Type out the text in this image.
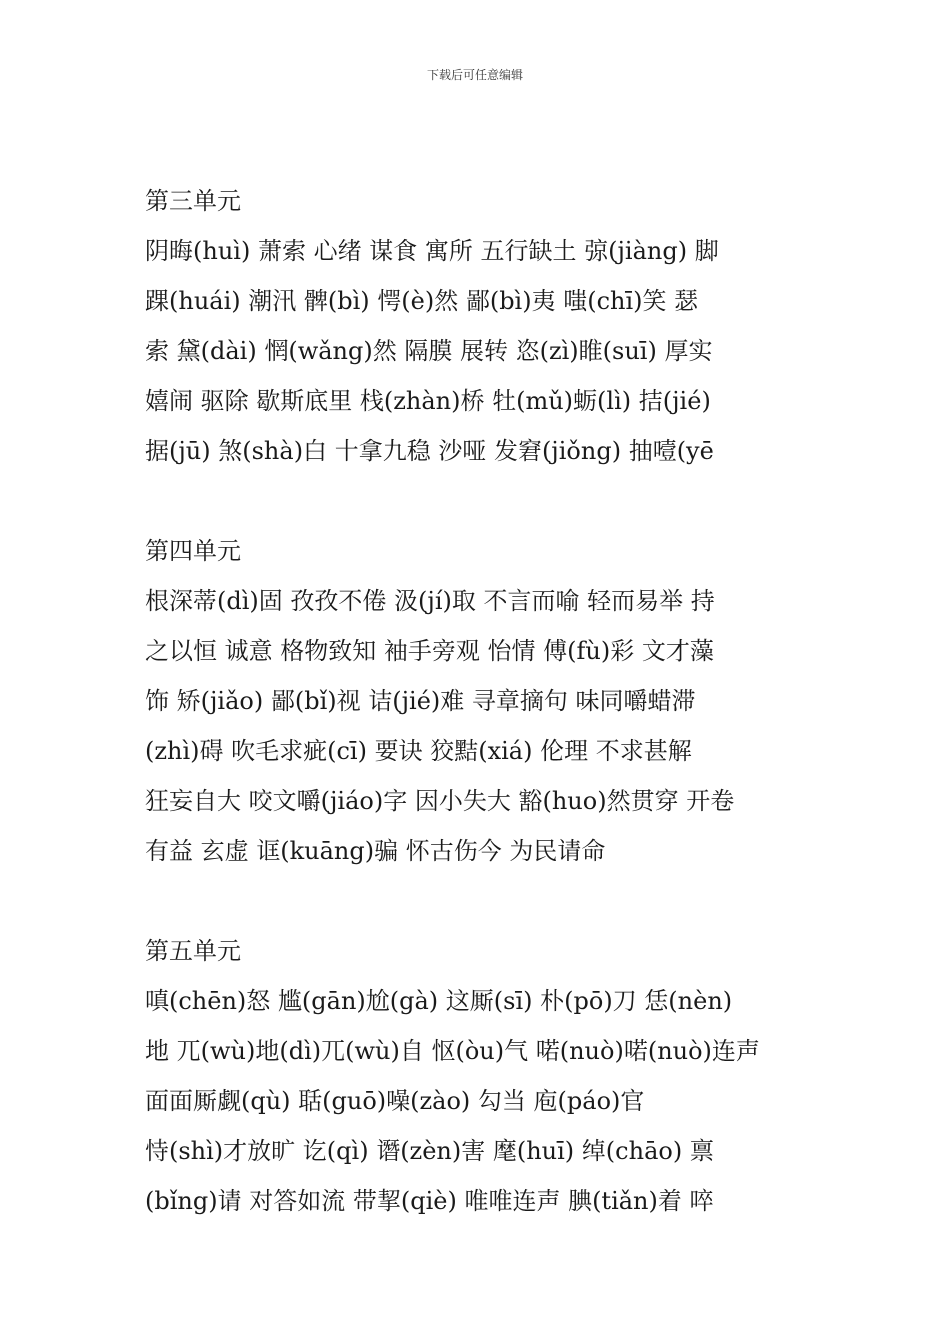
下载后可任意编辑
第三单元
阴晦(huì) 萧索 心绪 谋食 寓所 五行缺土 弶(jiàng) 脚
踝(huái) 潮汛 髀(bì) 愕(è)然 鄙(bì)夷 嗤(chī)笑 瑟
索 黛(dài) 惘(wǎng)然 隔膜 展转 恣(zì)睢(suī) 厚实
嬉闹 驱除 歇斯底里 栈(zhàn)桥 牡(mǔ)蛎(lì) 拮(jié)
据(jū) 煞(shà)白 十拿九稳 沙哑 发窘(jiǒng) 抽噎(yē
第四单元
根深蒂(dì)固 孜孜不倦 汲(jí)取 不言而喻 轻而易举 持
之以恒 诚意 格物致知 袖手旁观 怡情 傅(fù)彩 文才藻
饰 矫(jiǎo) 鄙(bǐ)视 诘(jié)难 寻章摘句 味同嚼蜡滞
(zhì)碍 吹毛求疵(cī) 要诀 狡黠(xiá) 伦理 不求甚解
狂妄自大 咬文嚼(jiáo)字 因小失大 豁(huo)然贯穿 开卷
有益 玄虚 诓(kuāng)骗 怀古伤今 为民请命
第五单元
嗔(chēn)怒 尴(gān)尬(gà) 这厮(sī) 朴(pō)刀 恁(nèn)
地 兀(wù)地(dì)兀(wù)自 怄(òu)气 喏(nuò)喏(nuò)连声
面面厮觑(qù) 聒(guō)噪(zào) 勾当 庖(páo)官
恃(shì)才放旷 讫(qì) 谮(zèn)害 麾(huī) 绰(chāo) 禀
(bǐng)请 对答如流 带挈(qiè) 唯唯连声 腆(tiǎn)着 啐
